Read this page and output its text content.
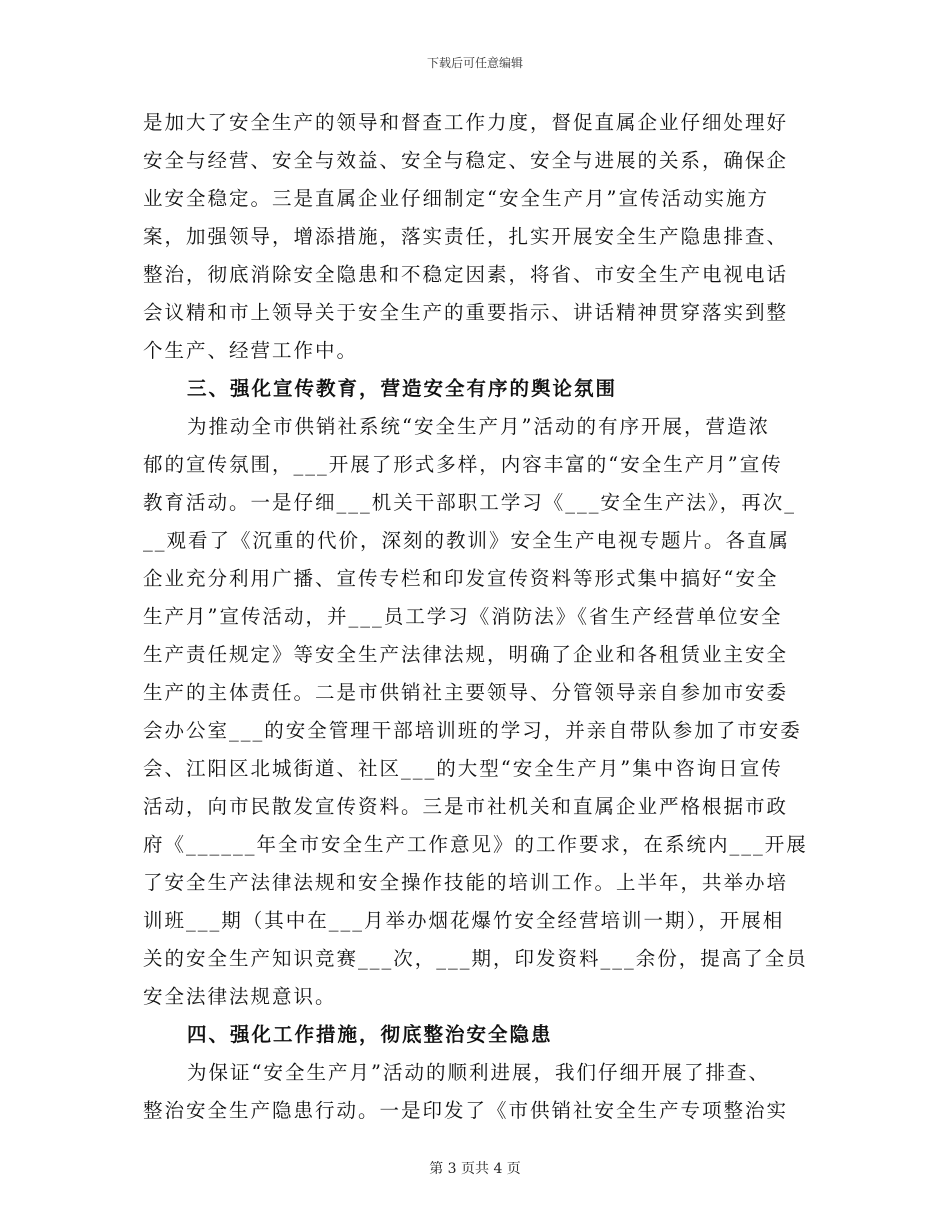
下载后可任意编辑
是加大了安全生产的领导和督查工作力度，督促直属企业仔细处理好
安全与经营、安全与效益、安全与稳定、安全与进展的关系，确保企
业安全稳定。三是直属企业仔细制定“安全生产月”宣传活动实施方
案，加强领导，增添措施，落实责任，扎实开展安全生产隐患排查、
整治，彻底消除安全隐患和不稳定因素，将省、市安全生产电视电话
会议精和市上领导关于安全生产的重要指示、讲话精神贯穿落实到整
个生产、经营工作中。
三、强化宣传教育，营造安全有序的舆论氛围
为推动全市供销社系统“安全生产月”活动的有序开展，营造浓
郁的宣传氛围，___开展了形式多样，内容丰富的“安全生产月”宣传
教育活动。一是仔细___机关干部职工学习《___安全生产法》，再次_
__观看了《沉重的代价，深刻的教训》安全生产电视专题片。各直属
企业充分利用广播、宣传专栏和印发宣传资料等形式集中搞好“安全
生产月”宣传活动，并___员工学习《消防法》《省生产经营单位安全
生产责任规定》等安全生产法律法规，明确了企业和各租赁业主安全
生产的主体责任。二是市供销社主要领导、分管领导亲自参加市安委
会办公室___的安全管理干部培训班的学习，并亲自带队参加了市安委
会、江阳区北城街道、社区___的大型“安全生产月”集中咨询日宣传
活动，向市民散发宣传资料。三是市社机关和直属企业严格根据市政
府《______年全市安全生产工作意见》的工作要求，在系统内___开展
了安全生产法律法规和安全操作技能的培训工作。上半年，共举办培
训班___期（其中在___月举办烟花爆竹安全经营培训一期），开展相
关的安全生产知识竞赛___次，___期，印发资料___余份，提高了全员
安全法律法规意识。
四、强化工作措施，彻底整治安全隐患
为保证“安全生产月”活动的顺利进展，我们仔细开展了排查、
整治安全生产隐患行动。一是印发了《市供销社安全生产专项整治实
第 3 页共 4 页
